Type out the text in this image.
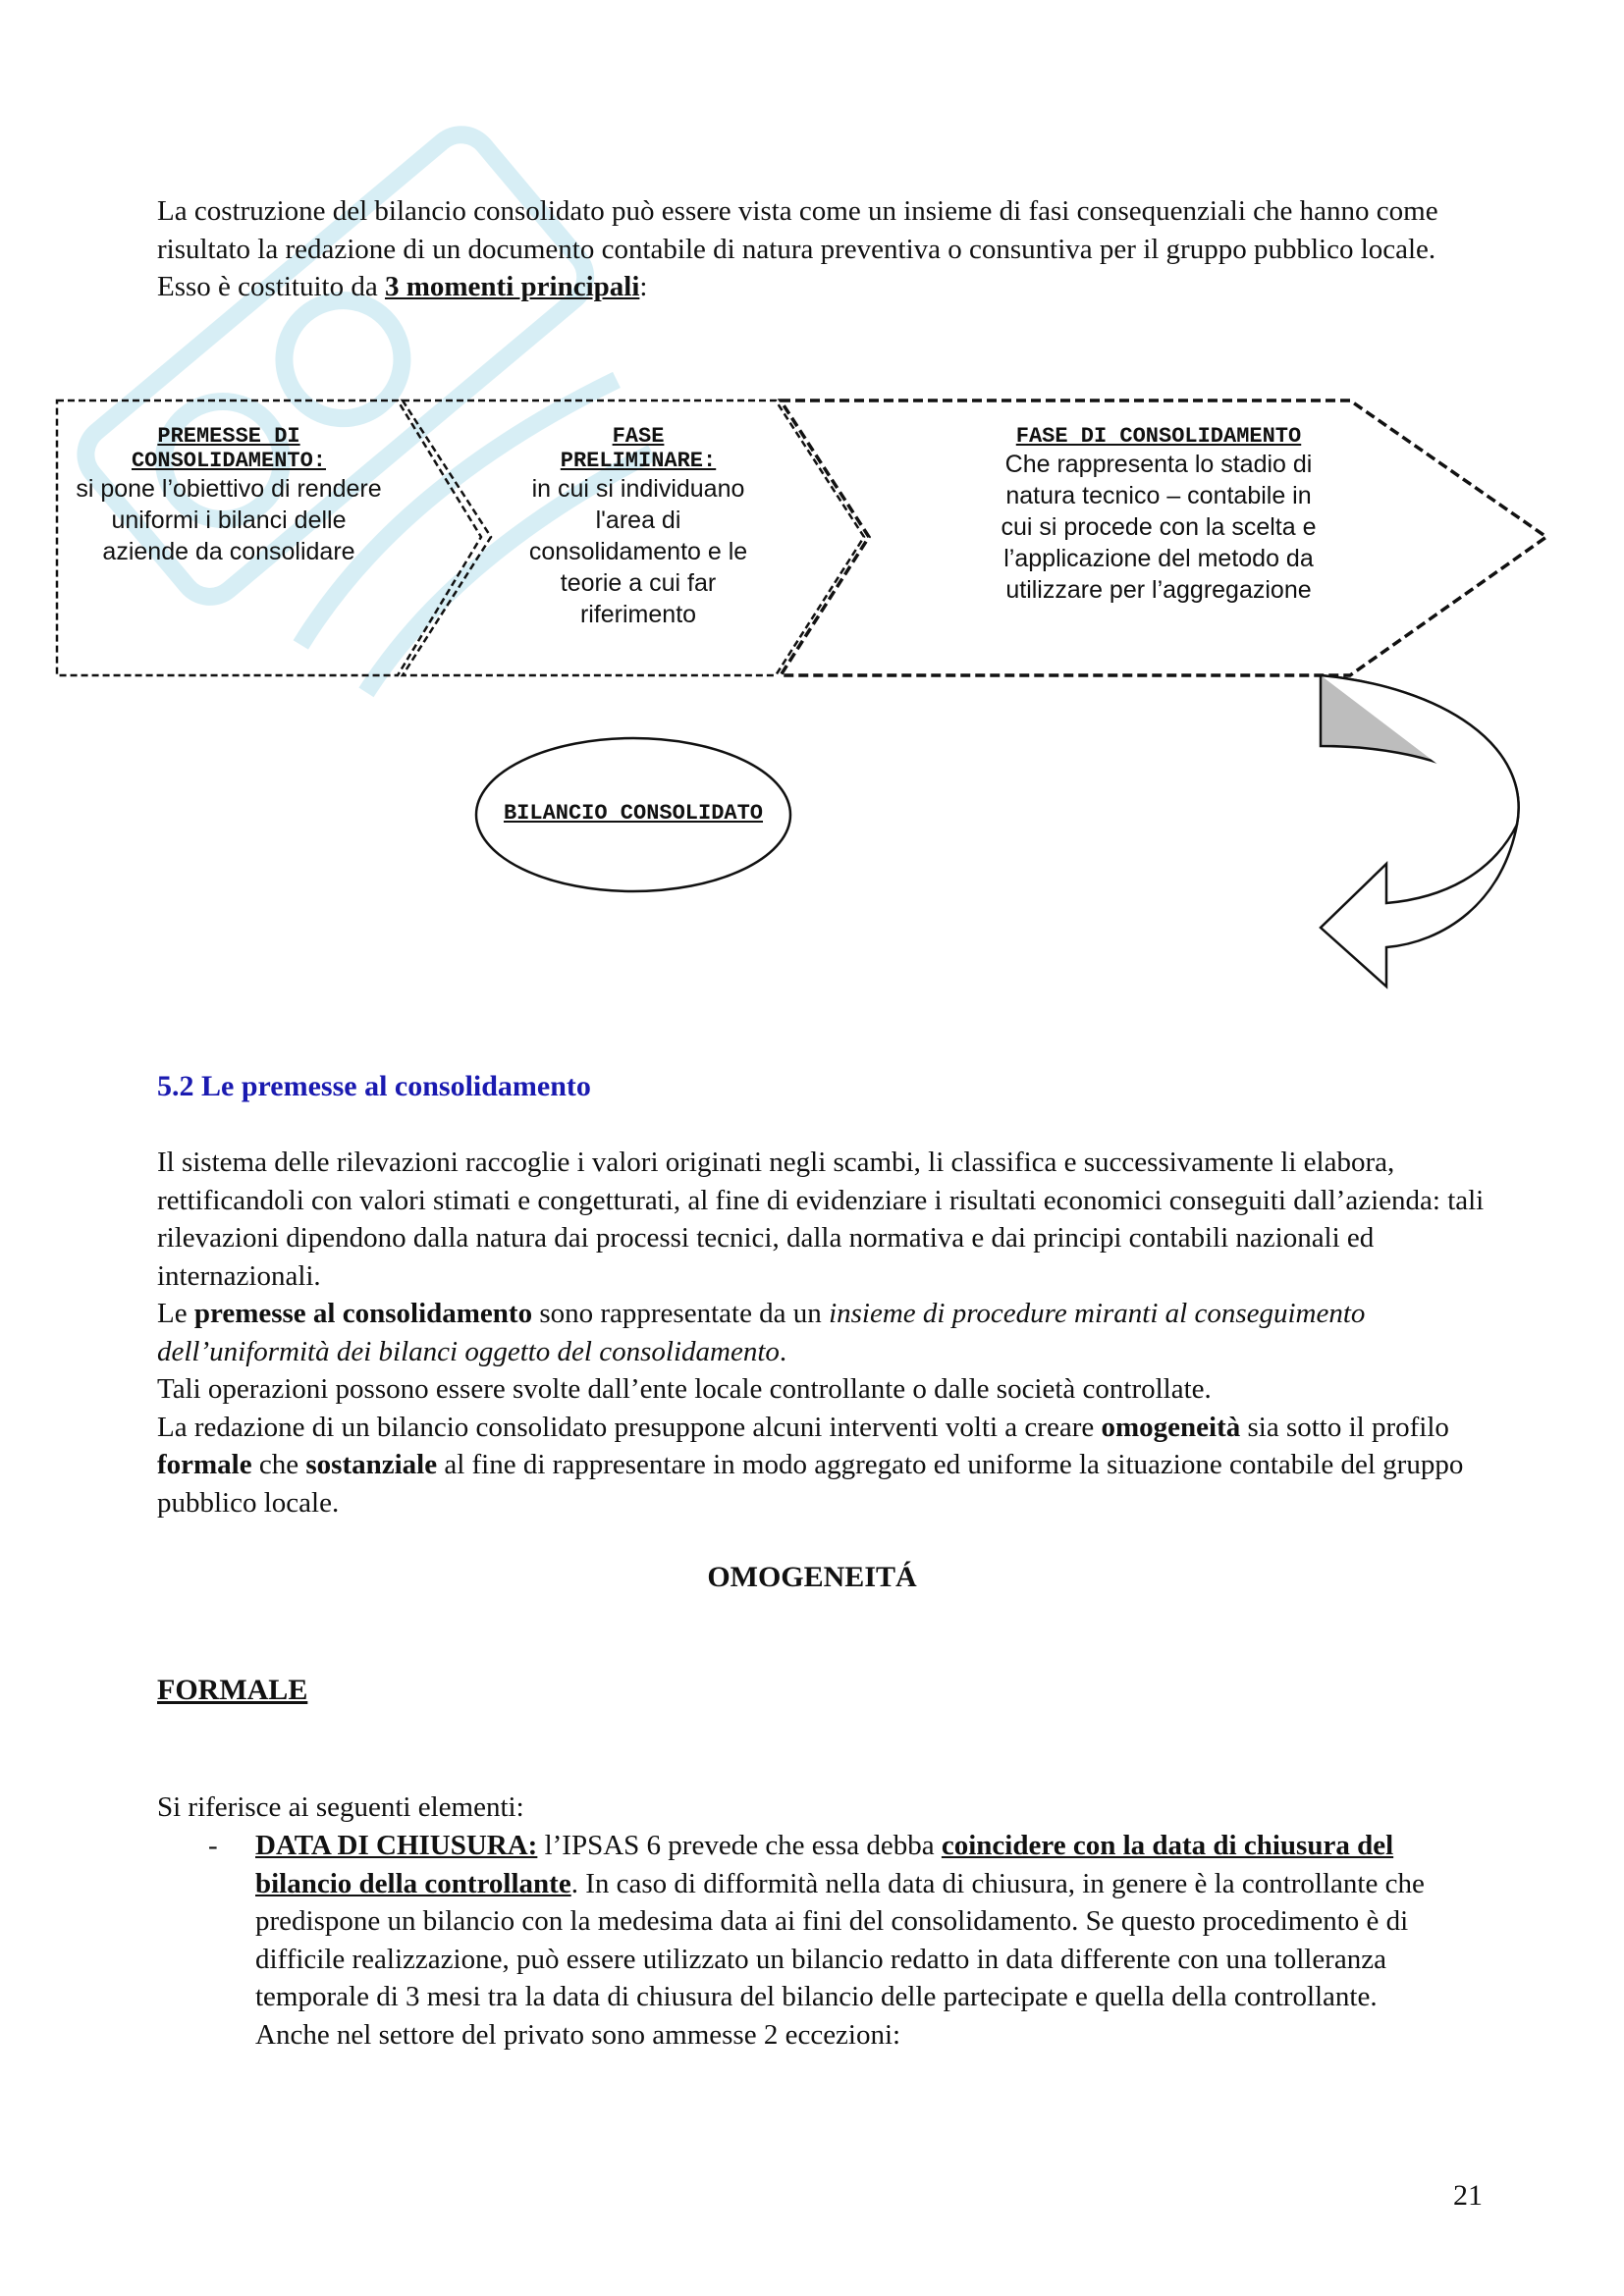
La costruzione del bilancio consolidato può essere vista come un insieme di fasi consequenziali che hanno come risultato la redazione di un documento contabile di natura preventiva o consuntiva per il gruppo pubblico locale. Esso è costituito da 3 momenti principali:
PREMESSE DI
CONSOLIDAMENTO:
si pone l’obiettivo di rendere
uniformi i bilanci delle
aziende da consolidare
FASE
PRELIMINARE:
in cui si individuano
l'area di
consolidamento e le
teorie a cui far
riferimento
FASE DI CONSOLIDAMENTO
Che rappresenta lo stadio di
natura tecnico – contabile in
cui si procede con la scelta e
l’applicazione del metodo da
utilizzare per l’aggregazione
BILANCIO CONSOLIDATO
5.2 Le premesse al consolidamento
Il sistema delle rilevazioni raccoglie i valori originati negli scambi, li classifica e successivamente li elabora, rettificandoli con valori stimati e congetturati, al fine di evidenziare i risultati economici conseguiti dall’azienda: tali rilevazioni dipendono dalla natura dai processi tecnici, dalla normativa e dai principi contabili nazionali ed internazionali.
Le premesse al consolidamento sono rappresentate da un insieme di procedure miranti al conseguimento dell’uniformità dei bilanci oggetto del consolidamento.
Tali operazioni possono essere svolte dall’ente locale controllante o dalle società controllate.
La redazione di un bilancio consolidato presuppone alcuni interventi volti a creare omogeneità sia sotto il profilo formale che sostanziale al fine di rappresentare in modo aggregato ed uniforme la situazione contabile del gruppo pubblico locale.
OMOGENEITÁ
FORMALE
Si riferisce ai seguenti elementi:
- DATA DI CHIUSURA: l’IPSAS 6 prevede che essa debba coincidere con la data di chiusura del bilancio della controllante. In caso di difformità nella data di chiusura, in genere è la controllante che predispone un bilancio con la medesima data ai fini del consolidamento. Se questo procedimento è di difficile realizzazione, può essere utilizzato un bilancio redatto in data differente con una tolleranza temporale di 3 mesi tra la data di chiusura del bilancio delle partecipate e quella della controllante.
Anche nel settore del privato sono ammesse 2 eccezioni:
21
